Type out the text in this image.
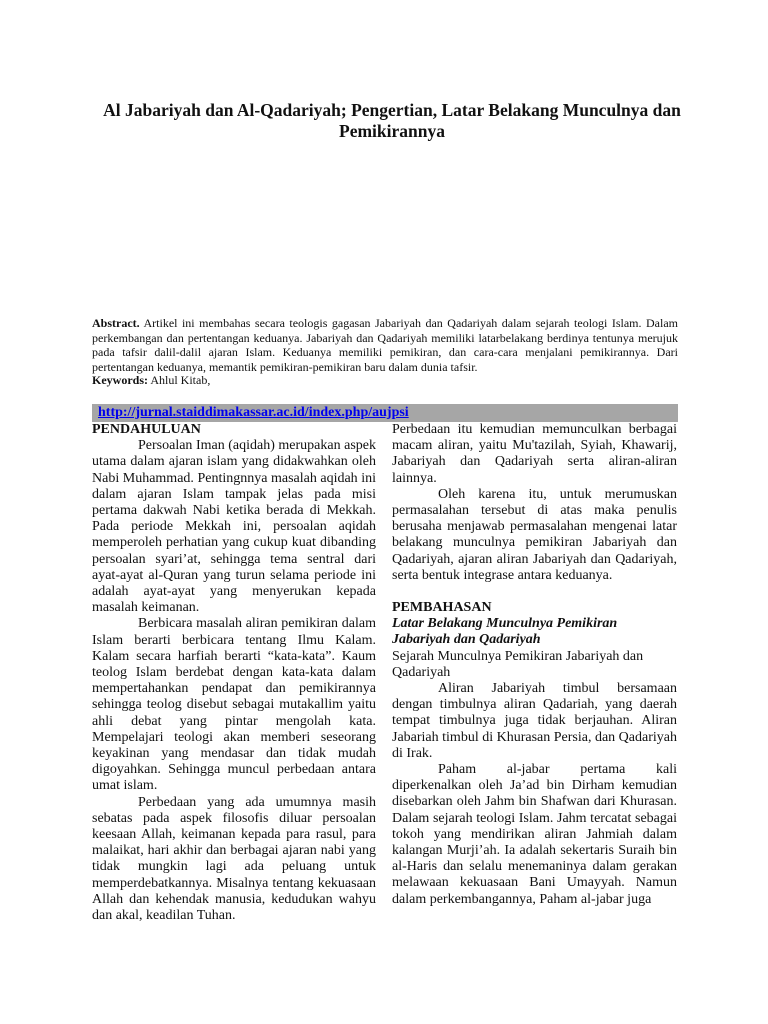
Al Jabariyah dan Al-Qadariyah; Pengertian, Latar Belakang Munculnya dan Pemikirannya
Abstract. Artikel ini membahas secara teologis gagasan Jabariyah dan Qadariyah dalam sejarah teologi Islam. Dalam perkembangan dan pertentangan keduanya. Jabariyah dan Qadariyah memiliki latarbelakang berdinya tentunya merujuk pada tafsir dalil-dalil ajaran Islam. Keduanya memiliki pemikiran, dan cara-cara menjalani pemikirannya. Dari pertentangan keduanya, memantik pemikiran-pemikiran baru dalam dunia tafsir.
Keywords: Ahlul Kitab,
http://jurnal.staiddimakassar.ac.id/index.php/aujpsi
PENDAHULUAN
Persoalan Iman (aqidah) merupakan aspek utama dalam ajaran islam yang didakwahkan oleh Nabi Muhammad. Pentingnnya masalah aqidah ini dalam ajaran Islam tampak jelas pada misi pertama dakwah Nabi ketika berada di Mekkah. Pada periode Mekkah ini, persoalan aqidah memperoleh perhatian yang cukup kuat dibanding persoalan syari’at, sehingga tema sentral dari ayat-ayat al-Quran yang turun selama periode ini adalah ayat-ayat yang menyerukan kepada masalah keimanan.
Berbicara masalah aliran pemikiran dalam Islam berarti berbicara tentang Ilmu Kalam. Kalam secara harfiah berarti “kata-kata”. Kaum teolog Islam berdebat dengan kata-kata dalam mempertahankan pendapat dan pemikirannya sehingga teolog disebut sebagai mutakallim yaitu ahli debat yang pintar mengolah kata. Mempelajari teologi akan memberi seseorang keyakinan yang mendasar dan tidak mudah digoyahkan. Sehingga muncul perbedaan antara umat islam.
Perbedaan yang ada umumnya masih sebatas pada aspek filosofis diluar persoalan keesaan Allah, keimanan kepada para rasul, para malaikat, hari akhir dan berbagai ajaran nabi yang tidak mungkin lagi ada peluang untuk memperdebatkannya. Misalnya tentang kekuasaan Allah dan kehendak manusia, kedudukan wahyu dan akal, keadilan Tuhan.
Perbedaan itu kemudian memunculkan berbagai macam aliran, yaitu Mu'tazilah, Syiah, Khawarij, Jabariyah dan Qadariyah serta aliran-aliran lainnya.
Oleh karena itu, untuk merumuskan permasalahan tersebut di atas maka penulis berusaha menjawab permasalahan mengenai latar belakang munculnya pemikiran Jabariyah dan Qadariyah, ajaran aliran Jabariyah dan Qadariyah, serta bentuk integrase antara keduanya.
PEMBAHASAN
Latar Belakang Munculnya Pemikiran Jabariyah dan Qadariyah
Sejarah Munculnya Pemikiran Jabariyah dan Qadariyah
Aliran Jabariyah timbul bersamaan dengan timbulnya aliran Qadariah, yang daerah tempat timbulnya juga tidak berjauhan. Aliran Jabariah timbul di Khurasan Persia, dan Qadariyah di Irak.
Paham al-jabar pertama kali diperkenalkan oleh Ja’ad bin Dirham kemudian disebarkan oleh Jahm bin Shafwan dari Khurasan. Dalam sejarah teologi Islam. Jahm tercatat sebagai tokoh yang mendirikan aliran Jahmiah dalam kalangan Murji’ah. Ia adalah sekertaris Suraih bin al-Haris dan selalu menemaninya dalam gerakan melawaan kekuasaan Bani Umayyah. Namun dalam perkembangannya, Paham al-jabar juga
